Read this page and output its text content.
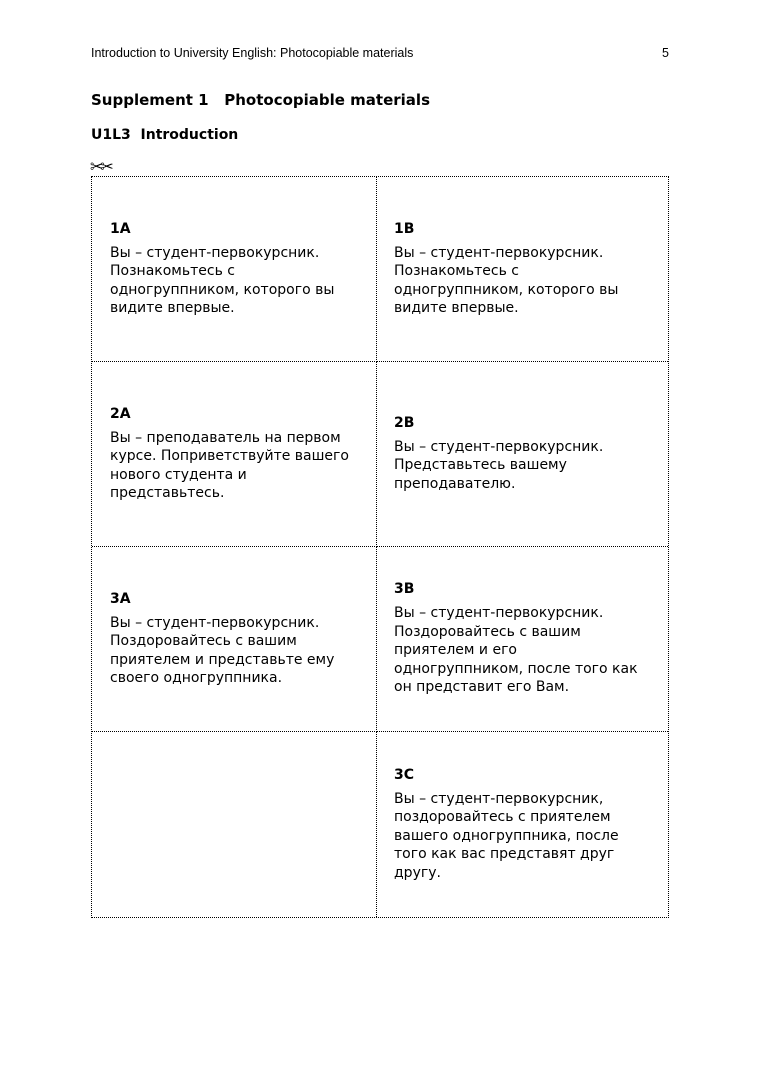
Introduction to University English: Photocopiable materials	5
Supplement 1   Photocopiable materials
U1L3  Introduction
✂✂
1A
Вы – студент-первокурсник.
Познакомьтесь с
одногруппником, которого вы
видите впервые.
1B
Вы – студент-первокурсник.
Познакомьтесь с
одногруппником, которого вы
видите впервые.
2A
Вы – преподаватель на первом
курсе. Поприветствуйте вашего
нового студента и
представьтесь.
2B
Вы – студент-первокурсник.
Представьтесь вашему
преподавателю.
3A
Вы – студент-первокурсник.
Поздоровайтесь с вашим
приятелем и представьте ему
своего одногруппника.
3B
Вы – студент-первокурсник.
Поздоровайтесь с вашим
приятелем и его
одногруппником, после того как
он представит его Вам.
3C
Вы – студент-первокурсник,
поздоровайтесь с приятелем
вашего одногруппника, после
того как вас представят друг
другу.
